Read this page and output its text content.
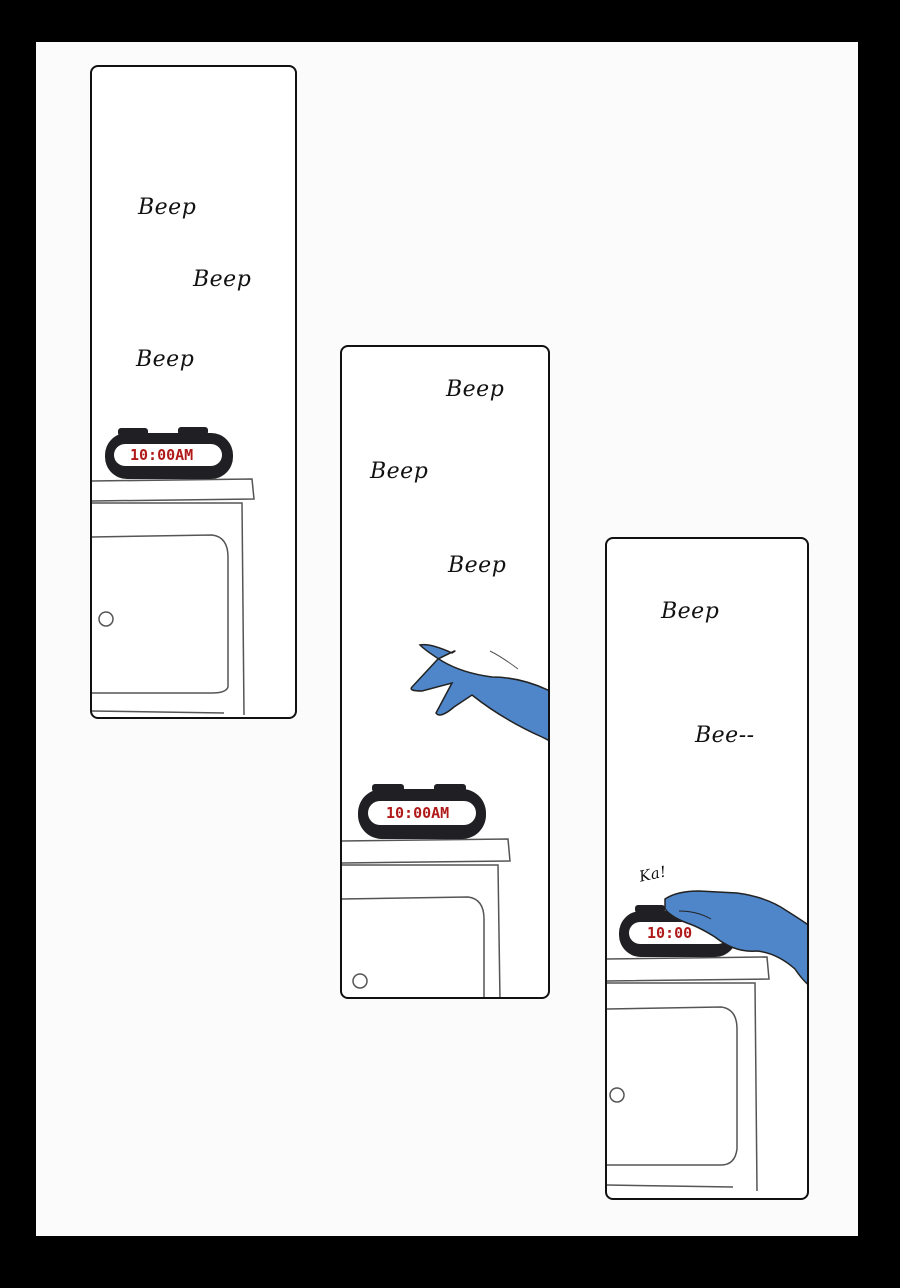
Beep
Beep
Beep
10:00AM
Beep
Beep
Beep
10:00AM
Beep
Bee--
Ka!
10:00
